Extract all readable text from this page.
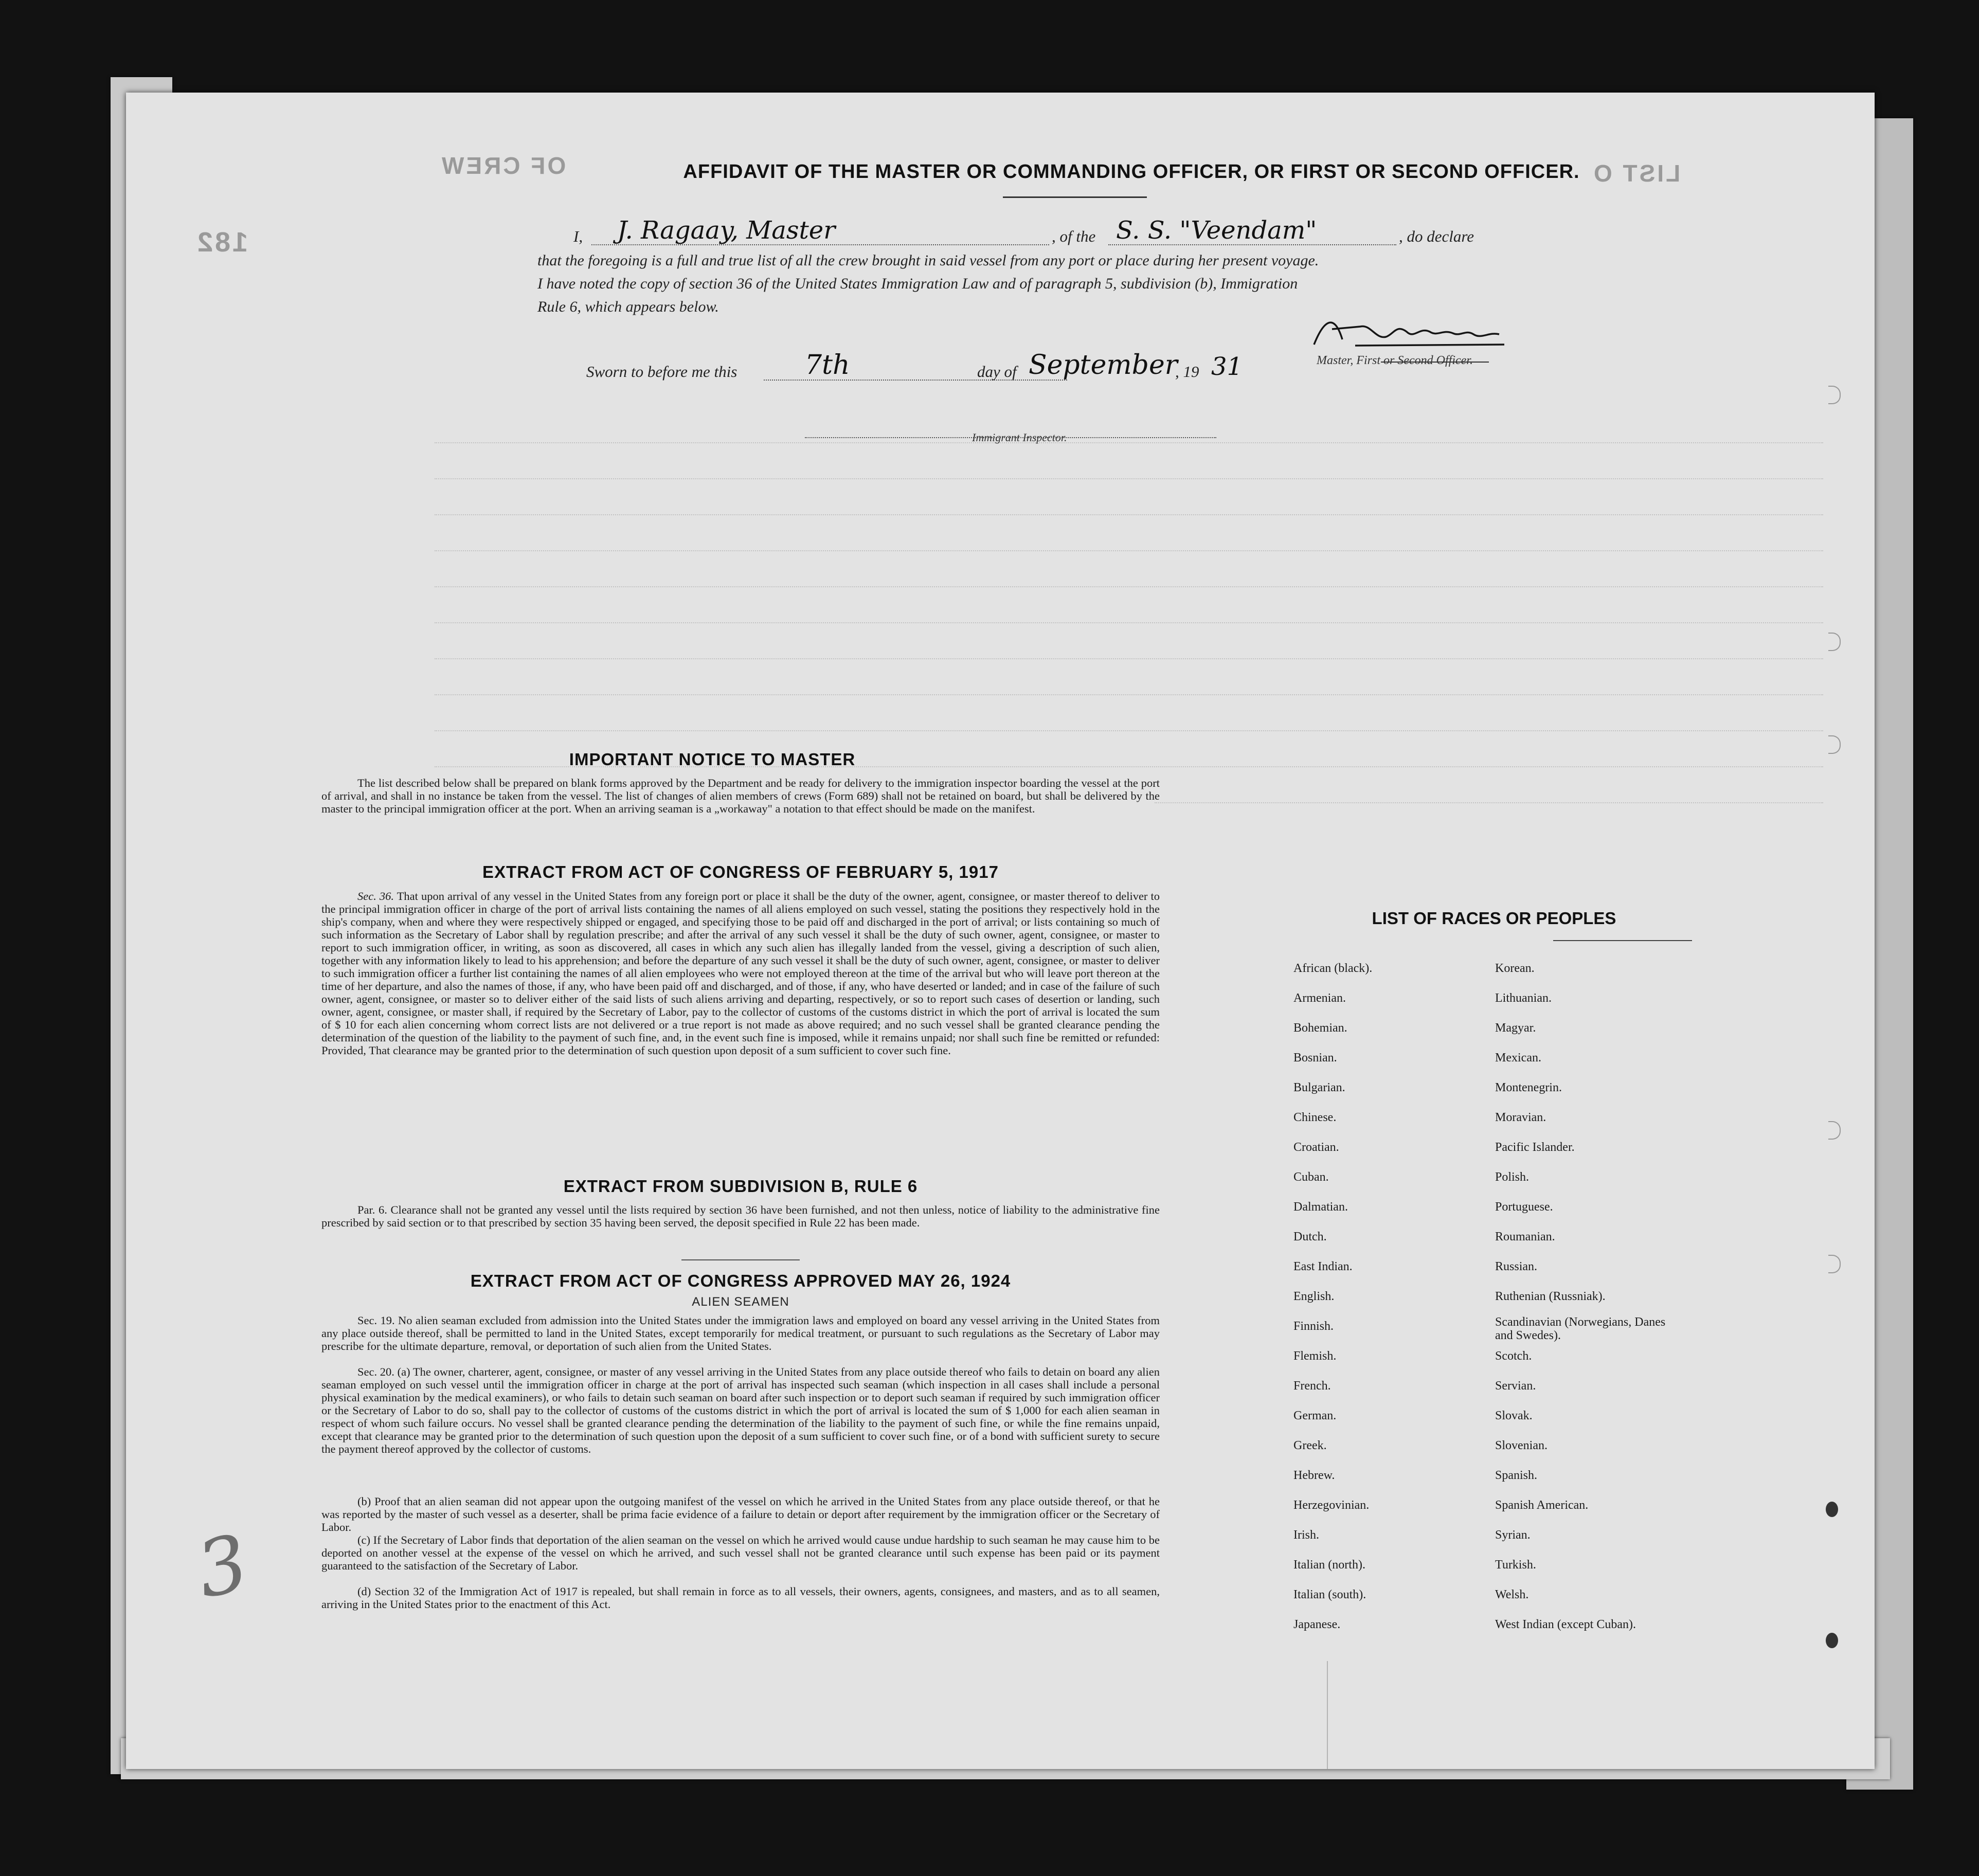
OF CREW	LIST O
182
AFFIDAVIT OF THE MASTER OR COMMANDING OFFICER, OR FIRST OR SECOND OFFICER.
I, J. Ragaay, Master	, of the S. S. "Veendam"	, do declare
that the foregoing is a full and true list of all the crew brought in said vessel from any port or place during her present voyage.
I have noted the copy of section 36 of the United States Immigration Law and of paragraph 5, subdivision (b), Immigration
Rule 6, which appears below.
Master, First or Second Officer.
Sworn to before me this	7th	day of September
, 19 31
Immigrant Inspector.
IMPORTANT NOTICE TO MASTER
The list described below shall be prepared on blank forms approved by the Department and be ready for delivery to the immigration inspector boarding the vessel at the port of arrival, and shall in no instance be taken from the vessel. The list of changes of alien members of crews (Form 689) shall not be retained on board, but shall be delivered by the master to the principal immigration officer at the port. When an arriving seaman is a „workaway" a notation to that effect should be made on the manifest.
EXTRACT FROM ACT OF CONGRESS OF FEBRUARY 5, 1917
Sec. 36. That upon arrival of any vessel in the United States from any foreign port or place it shall be the duty of the owner, agent, consignee, or master thereof to deliver to the principal immigration officer in charge of the port of arrival lists containing the names of all aliens employed on such vessel, stating the positions they respectively hold in the ship's company, when and where they were respectively shipped or engaged, and specifying those to be paid off and discharged in the port of arrival; or lists containing so much of such information as the Secretary of Labor shall by regulation prescribe; and after the arrival of any such vessel it shall be the duty of such owner, agent, consignee, or master to report to such immigration officer, in writing, as soon as discovered, all cases in which any such alien has illegally landed from the vessel, giving a description of such alien, together with any information likely to lead to his apprehension; and before the departure of any such vessel it shall be the duty of such owner, agent, consignee, or master to deliver to such immigration officer a further list containing the names of all alien employees who were not employed thereon at the time of the arrival but who will leave port thereon at the time of her departure, and also the names of those, if any, who have been paid off and discharged, and of those, if any, who have deserted or landed; and in case of the failure of such owner, agent, consignee, or master so to deliver either of the said lists of such aliens arriving and departing, respectively, or so to report such cases of desertion or landing, such owner, agent, consignee, or master shall, if required by the Secretary of Labor, pay to the collector of customs of the customs district in which the port of arrival is located the sum of $ 10 for each alien concerning whom correct lists are not delivered or a true report is not made as above required; and no such vessel shall be granted clearance pending the determination of the question of the liability to the payment of such fine, and, in the event such fine is imposed, while it remains unpaid; nor shall such fine be remitted or refunded: Provided, That clearance may be granted prior to the determination of such question upon deposit of a sum sufficient to cover such fine.
EXTRACT FROM SUBDIVISION B, RULE 6
Par. 6. Clearance shall not be granted any vessel until the lists required by section 36 have been furnished, and not then unless, notice of liability to the administrative fine prescribed by said section or to that prescribed by section 35 having been served, the deposit specified in Rule 22 has been made.
EXTRACT FROM ACT OF CONGRESS APPROVED MAY 26, 1924
ALIEN SEAMEN
Sec. 19. No alien seaman excluded from admission into the United States under the immigration laws and employed on board any vessel arriving in the United States from any place outside thereof, shall be permitted to land in the United States, except temporarily for medical treatment, or pursuant to such regulations as the Secretary of Labor may prescribe for the ultimate departure, removal, or deportation of such alien from the United States.
Sec. 20. (a) The owner, charterer, agent, consignee, or master of any vessel arriving in the United States from any place outside thereof who fails to detain on board any alien seaman employed on such vessel until the immigration officer in charge at the port of arrival has inspected such seaman (which inspection in all cases shall include a personal physical examination by the medical examiners), or who fails to detain such seaman on board after such inspection or to deport such seaman if required by such immigration officer or the Secretary of Labor to do so, shall pay to the collector of customs of the customs district in which the port of arrival is located the sum of $ 1,000 for each alien seaman in respect of whom such failure occurs. No vessel shall be granted clearance pending the determination of the liability to the payment of such fine, or while the fine remains unpaid, except that clearance may be granted prior to the determination of such question upon the deposit of a sum sufficient to cover such fine, or of a bond with sufficient surety to secure the payment thereof approved by the collector of customs.
(b) Proof that an alien seaman did not appear upon the outgoing manifest of the vessel on which he arrived in the United States from any place outside thereof, or that he was reported by the master of such vessel as a deserter, shall be prima facie evidence of a failure to detain or deport after requirement by the immigration officer or the Secretary of Labor.
(c) If the Secretary of Labor finds that deportation of the alien seaman on the vessel on which he arrived would cause undue hardship to such seaman he may cause him to be deported on another vessel at the expense of the vessel on which he arrived, and such vessel shall not be granted clearance until such expense has been paid or its payment guaranteed to the satisfaction of the Secretary of Labor.
(d) Section 32 of the Immigration Act of 1917 is repealed, but shall remain in force as to all vessels, their owners, agents, consignees, and masters, and as to all seamen, arriving in the United States prior to the enactment of this Act.
LIST OF RACES OR PEOPLES
African (black).
Armenian.
Bohemian.
Bosnian.
Bulgarian.
Chinese.
Croatian.
Cuban.
Dalmatian.
Dutch.
East Indian.
English.
Finnish.
Flemish.
French.
German.
Greek.
Hebrew.
Herzegovinian.
Irish.
Italian (north).
Italian (south).
Japanese.
Korean.
Lithuanian.
Magyar.
Mexican.
Montenegrin.
Moravian.
Pacific Islander.
Polish.
Portuguese.
Roumanian.
Russian.
Ruthenian (Russniak).
Scandinavian (Norwegians, Danes and Swedes).
Scotch.
Servian.
Slovak.
Slovenian.
Spanish.
Spanish American.
Syrian.
Turkish.
Welsh.
West Indian (except Cuban).
3
